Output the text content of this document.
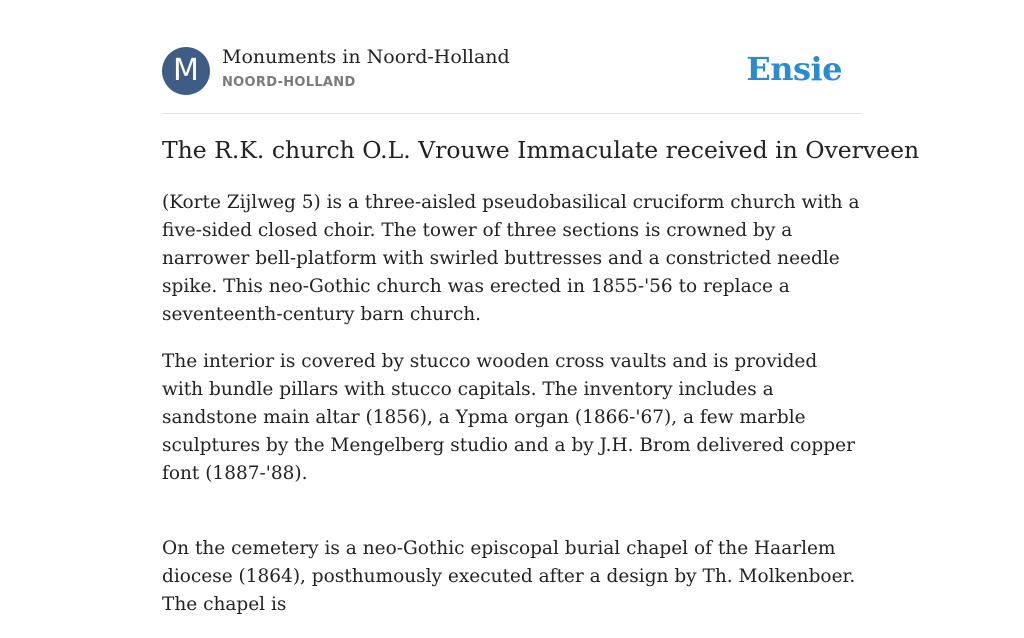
M	Monuments in Noord-Holland
NOORD-HOLLAND	Ensie
The R.K. church O.L. Vrouwe Immaculate received in Overveen

(Korte Zijlweg 5) is a three-aisled pseudobasilical cruciform church with a five-sided closed choir. The tower of three sections is crowned by a narrower bell-platform with swirled buttresses and a constricted needle spike. This neo-Gothic church was erected in 1855-'56 to replace a seventeenth-century barn church.

The interior is covered by stucco wooden cross vaults and is provided with bundle pillars with stucco capitals. The inventory includes a sandstone main altar (1856), a Ypma organ (1866-'67), a few marble sculptures by the Mengelberg studio and a by J.H. Brom delivered copper font (1887-'88).

On the cemetery is a neo-Gothic episcopal burial chapel of the Haarlem diocese (1864), posthumously executed after a design by Th. Molkenboer. The chapel is
